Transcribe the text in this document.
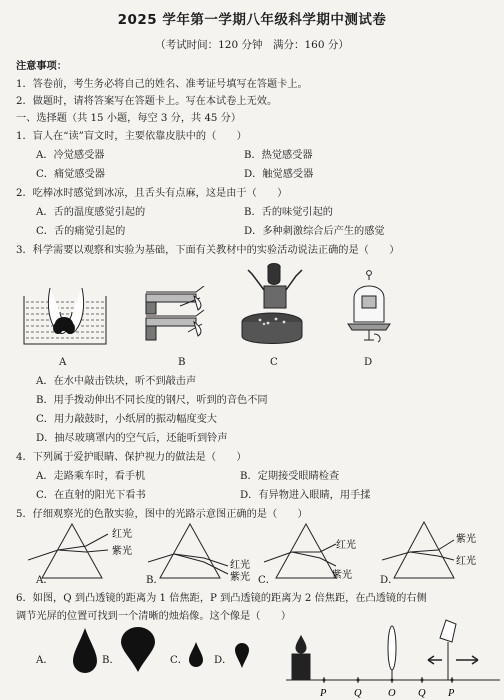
2025 学年第一学期八年级科学期中测试卷
（考试时间：120 分钟　满分：160 分）
注意事项：
1．答卷前，考生务必将自己的姓名、准考证号填写在答题卡上。
2．做题时，请将答案写在答题卡上。写在本试卷上无效。
一、选择题（共 15 小题，每空 3 分，共 45 分）
1．盲人在“读”盲文时，主要依靠皮肤中的（　　）
A．冷觉感受器	B．热觉感受器
C．痛觉感受器	D．触觉感受器
2．吃棒冰时感觉到冰凉，且舌头有点麻，这是由于（　　）
A．舌的温度感觉引起的	B．舌的味觉引起的
C．舌的痛觉引起的	D．多种刺激综合后产生的感觉
3．科学需要以观察和实验为基础，下面有关教材中的实验活动说法正确的是（　　）
A	B	C	D
A．在水中敲击铁块，听不到敲击声
B．用手拨动伸出不同长度的钢尺，听到的音色不同
C．用力敲鼓时，小纸屑的振动幅度变大
D．抽尽玻璃罩内的空气后，还能听到铃声
4．下列属于爱护眼睛、保护视力的做法是（　　）
A．走路乘车时，看手机	B．定期接受眼睛检查
C．在直射的阳光下看书	D．有异物进入眼睛，用手揉
5．仔细观察光的色散实验，图中的光路示意图正确的是（　　）
红光
紫光
A．
红光
紫光
B．
红光
紫光
C．
紫光
红光
D．
6．如图，Q 到凸透镜的距离为 1 倍焦距，P 到凸透镜的距离为 2 倍焦距，在凸透镜的右侧
调节光屏的位置可找到一个清晰的烛焰像。这个像是（　　）
A．	B．	C．	D．
P	Q	O Q P
